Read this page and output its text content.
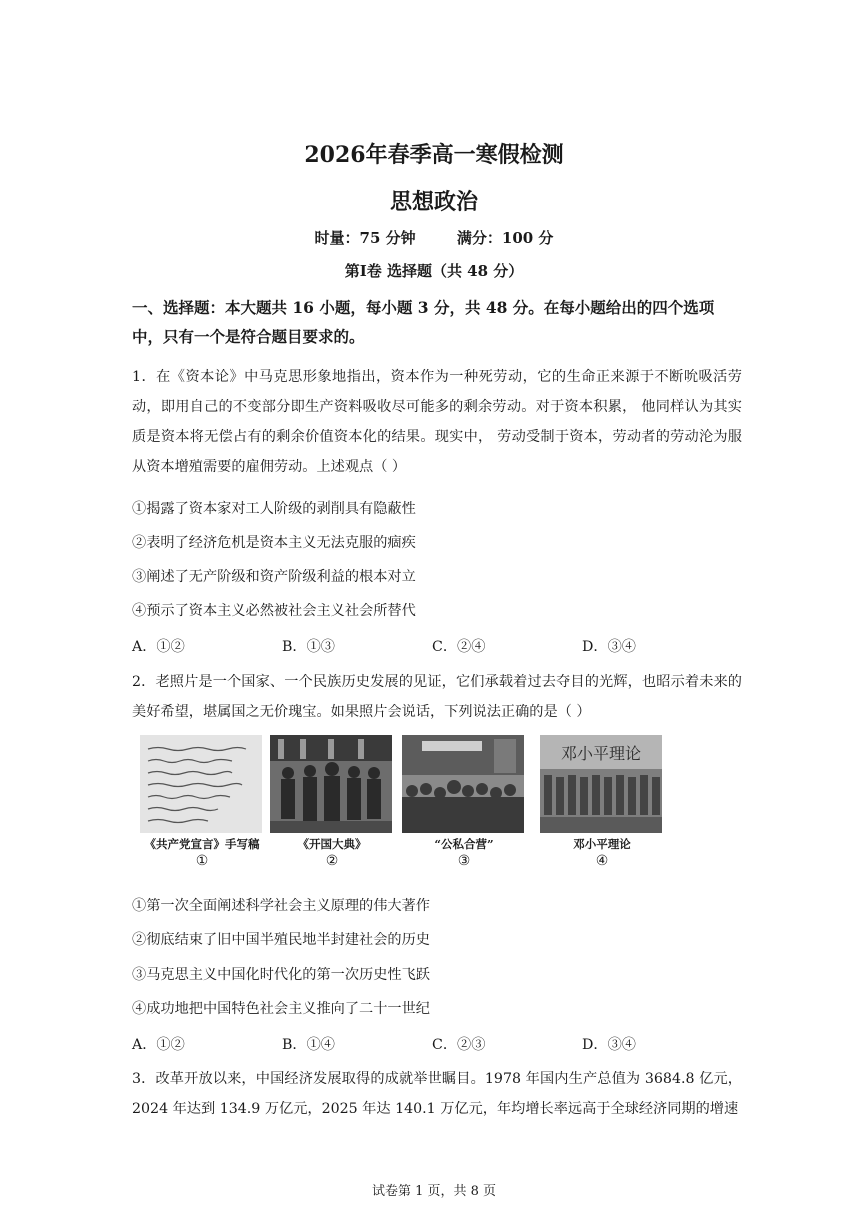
2026年春季高一寒假检测
思想政治
时量：75 分钟	满分：100 分
第Ⅰ卷 选择题（共 48 分）
一、选择题：本大题共 16 小题，每小题 3 分，共 48 分。在每小题给出的四个选项中，只有一个是符合题目要求的。
1．在《资本论》中马克思形象地指出，资本作为一种死劳动，它的生命正来源于不断吮吸活劳动，即用自己的不变部分即生产资料吸收尽可能多的剩余劳动。对于资本积累， 他同样认为其实质是资本将无偿占有的剩余价值资本化的结果。现实中， 劳动受制于资本，劳动者的劳动沦为服从资本增殖需要的雇佣劳动。上述观点（ ）
①揭露了资本家对工人阶级的剥削具有隐蔽性
②表明了经济危机是资本主义无法克服的痼疾
③阐述了无产阶级和资产阶级利益的根本对立
④预示了资本主义必然被社会主义社会所替代
A．①②	B．①③	C．②④	D．③④
2．老照片是一个国家、一个民族历史发展的见证，它们承载着过去夺目的光辉，也昭示着未来的美好希望，堪属国之无价瑰宝。如果照片会说话，下列说法正确的是（ ）
《共产党宣言》手写稿
①
《开国大典》
②
“公私合营”
③
邓小平理论
邓小平理论
④
①第一次全面阐述科学社会主义原理的伟大著作
②彻底结束了旧中国半殖民地半封建社会的历史
③马克思主义中国化时代化的第一次历史性飞跃
④成功地把中国特色社会主义推向了二十一世纪
A．①②	B．①④	C．②③	D．③④
3．改革开放以来，中国经济发展取得的成就举世瞩目。1978 年国内生产总值为 3684.8 亿元，2024 年达到 134.9 万亿元，2025 年达 140.1 万亿元，年均增长率远高于全球经济同期的增速
试卷第 1 页，共 8 页
